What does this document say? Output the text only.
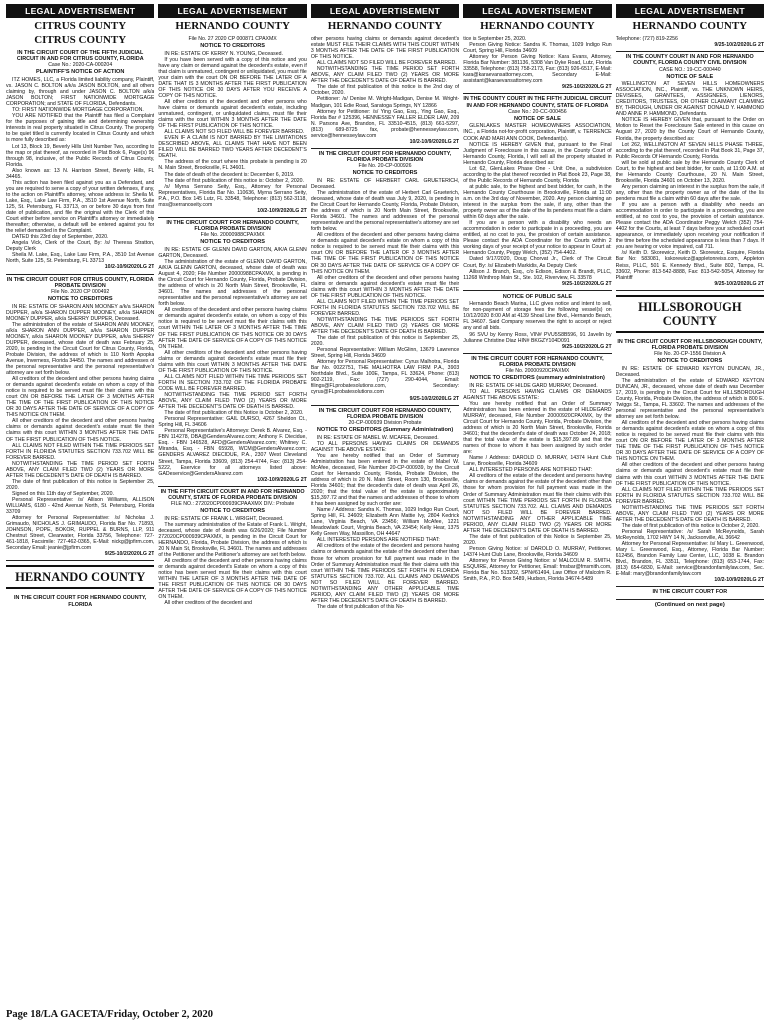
LEGAL ADVERTISEMENT
CITRUS COUNTY
CITRUS COUNTY
IN THE CIRCUIT COURT OF THE FIFTH JUDICIAL CIRCUIT IN AND FOR CITRUS COUNTY, FLORIDA
Case No.: 2020-CA-000204
PLAINTIFF'S NOTICE OF ACTION

ITZ HOMES, LLC, a Florida limited liability company, Plaintiff, vs. JASON C. BOLTON a/k/a JASON BOLTON, and all others claiming by, through and under JASON C. BOLTON a/k/a JASON BOLTON; FIRST NATIONWIDE MORTGAGE CORPORATION; and STATE OF FLORIDA, Defendants.

TO: FIRST NATIONWIDE MORTGAGE CORPORATION.

YOU ARE NOTIFIED that the Plaintiff has filed a Complaint for the purposes of gaining title and determining ownership interests in real property situated in Citrus County. The property to be quiet titled is currently located in Citrus County and which is more fully described as:

Lot 13, Block 19, Beverly Hills Unit Number Two, according to the map or plat thereof, as recorded in Plat Book 6, Page(s) 96 through 98, inclusive, of the Public Records of Citrus County, Florida.

Also known as: 13 N. Harrison Street, Beverly Hills, FL 34465.

This action has been filed against you as a Defendant, and you are required to serve a copy of your written defenses, if any, to the action on Plaintiff's attorney, whose address is: Sheila M. Lake, Esq., Lake Law Firm, P.A., 3510 1st Avenue North, Suite 125, St. Petersburg, FL 33713, on or before 30 days from first date of publication, and file the original with the Clerk of this Court either before service on Plaintiff's attorney or immediately thereafter; otherwise, a default will be entered against you for the relief demanded in the Complaint.

DATED this 23rd day of September, 2020.

Angela Vick, Clerk of the Court, By: /s/ Theresa Stratton, Deputy Clerk

Sheila M. Lake, Esq., Lake Law Firm, P.A., 3510 1st Avenue North, Suite 125, St. Petersburg, FL 33713

10/2-10/9/2020LG 2T
IN THE CIRCUIT COURT FOR CITRUS COUNTY, FLORIDA PROBATE DIVISION
File No. 2020 CP 000492
NOTICE TO CREDITORS

IN RE: ESTATE OF SHARON ANN MOONEY a/k/a SHARON DUPPER, a/k/a SHARON DUPPER MOONEY, a/k/a SHARON MOONEY DUPPER, a/k/a SHERRY DUPPER, Deceased.

The administration of the estate of SHARON ANN MOONEY, a/k/a SHARON ANN DUPPER, a/k/a SHARON DUPPER MOONEY, a/k/a SHARON MOONEY DUPPER, a/k/a SHERRY DUPPER, deceased, whose date of death was February 25, 2020, is pending in the Circuit Court for Citrus County, Florida, Probate Division, the address of which is 110 North Apopka Avenue, Inverness, Florida 34450. The names and addresses of the personal representative and the personal representative's attorney are set forth below.

All creditors of the decedent and other persons having claims or demands against decedent's estate on whom a copy of this notice is required to be served must file their claims with this court ON OR BEFORE THE LATER OF 3 MONTHS AFTER THE TIME OF THE FIRST PUBLICATION OF THIS NOTICE OR 30 DAYS AFTER THE DATE OF SERVICE OF A COPY OF THIS NOTICE ON THEM.

All other creditors of the decedent and other persons having claims or demands against decedent's estate must file their claims with this court WITHIN 3 MONTHS AFTER THE DATE OF THE FIRST PUBLICATION OF THIS NOTICE.

ALL CLAIMS NOT FILED WITHIN THE TIME PERIODS SET FORTH IN FLORIDA STATUTES SECTION 733.702 WILL BE FOREVER BARRED.

NOTWITHSTANDING THE TIME PERIOD SET FORTH ABOVE, ANY CLAIM FILED TWO (2) YEARS OR MORE AFTER THE DECEDENT'S DATE OF DEATH IS BARRED.

The date of first publication of this notice is September 25, 2020.

Signed on this 11th day of September, 2020.

Personal Representative: /s/ Allison Williams, ALLISON WILLIAMS, 6180 - 42nd Avenue North, St. Petersburg, Florida 33709

Attorney for Personal Representative: /s/ Nicholas J. Grimaudo, NICHOLAS J. GRIMAUDO, Florida Bar No. 71893, JOHNSON, POPE, BOKOR, RUPPEL & BURNS, LLP, 911 Chestnut Street, Clearwater, Florida 33756, Telephone: 727-461-1818, Facsimile: 727-462-0365, E-Mail: nickg@jpfirm.com, Secondary Email: jeanie@jpfirm.com

9/25-10/2/2020LG 2T
HERNANDO COUNTY
IN THE CIRCUIT COURT FOR HERNANDO COUNTY, FLORIDA
LEGAL ADVERTISEMENT
HERNANDO COUNTY
File No. 27 2020 CP 000871 CPAXMX
NOTICE TO CREDITORS

IN RE: ESTATE OF KERRY N. YOUNG, Deceased.

If you have been served with a copy of this notice and you have any claim or demand against the decedent's estate, even if that claim is unmatured, contingent or unliquidated, you must file your claim with the court ON OR BEFORE THE LATER OF A DATE THAT IS 3 MONTHS AFTER THE FIRST PUBLICATION OF THIS NOTICE OR 30 DAYS AFTER YOU RECEIVE A COPY OF THIS NOTICE.

All other creditors of the decedent and other persons who have claims or demands against decedent's estate, including unmatured, contingent, or unliquidated claims, must file their claims with the court WITHIN 3 MONTHS AFTER THE DATE OF THE FIRST PUBLICATION OF THIS NOTICE.

ALL CLAIMS NOT SO FILED WILL BE FOREVER BARRED.

EVEN IF A CLAIM IS NOT BARRED BY THE LIMITATIONS DESCRIBED ABOVE, ALL CLAIMS THAT HAVE NOT BEEN FILED WILL BE BARRED TWO YEARS AFTER DECEDENT'S DEATH.

The address of the court where this probate is pending is 20 N. Main Street, Brooksville, FL 34601.

The date of death of the decedent is: December 6, 2019.

The date of first publication of this notice is: October 2, 2020.

/s/ Myrna Serrano Seity, Esq., Attorney for Personal Representatives, Florida Bar No. 110636, Myrna Serrano Seity, P.A., P.O. Box 145 Lutz, FL 33548, Telephone: (813) 562-3118, mss@serranoseity.com

10/2-10/9/2020LG 2T
IN THE CIRCUIT COURT FOR HERNANDO COUNTY, FLORIDA PROBATE DIVISION
File No. 20000988CPAXMX
NOTICE TO CREDITORS

IN RE: ESTATE OF GLENN DAVID GARTON, A/K/A GLENN GARTON, Deceased.

The administration of the estate of GLENN DAVID GARTON, A/K/A GLENN GARTON, deceased, whose date of death was August 4, 2020; File Number 20000988CPAXMX, is pending in the Circuit Court for Hernando County, Florida, Probate Division, the address of which is 20 North Main Street, Brooksville, FL 34601. The names and addresses of the personal representative and the personal representative's attorney are set forth below.

All creditors of the decedent and other persons having claims or demands against decedent's estate, on whom a copy of this notice is required to be served must file their claims with this court WITHIN THE LATER OF 3 MONTHS AFTER THE TIME OF THE FIRST PUBLICATION OF THIS NOTICE OR 30 DAYS AFTER THE DATE OF SERVICE OF A COPY OF THIS NOTICE ON THEM.

All other creditors of the decedent and other persons having claims or demands against decedent's estate must file their claims with this court WITHIN 3 MONTHS AFTER THE DATE OF THE FIRST PUBLICATION OF THIS NOTICE.

ALL CLAIMS NOT FILED WITHIN THE TIME PERIODS SET FORTH IN SECTION 733.702 OF THE FLORIDA PROBATE CODE WILL BE FOREVER BARRED.

NOTWITHSTANDING THE TIME PERIOD SET FORTH ABOVE, ANY CLAIM FILED TWO (2) YEARS OR MORE AFTER THE DECEDENT'S DATE OF DEATH IS BARRED.

The date of first publication of this Notice is October 2, 2020.

Personal Representative: GAIL DURSO, 4267 Sheldon Ct., Spring Hill, FL 34606

Personal Representative's Attorneys: Derek B. Alvarez, Esq. - FBN 114278, DBA@GendersAlvarez.com; Anthony F. Diecidue, Esq. - FBN 146528, AFD@GendersAlvarez.com; Whitney C. Miranda, Esq. - FBN 65928, WCM@GendersAlvarez.com; GENDERS ALVAREZ DIECIDUE, P.A., 2307 West Cleveland Street, Tampa, Florida 33609, (813) 254-4744, Fax: (813) 254-5222, Eservice for all attorneys listed above: GADeservice@GendersAlvarez.com

10/2-10/9/2020LG 2T
IN THE FIFTH CIRCUIT COURT IN AND FOR HERNANDO COUNTY, STATE OF FLORIDA PROBATE DIVISION
FILE NO.: 272020CP000939CPAAXMX DIV.: Probate
NOTICE TO CREDITORS

IN RE: ESTATE OF FRANK L. WRIGHT, Deceased.

The summary administration of the Estate of Frank L. Wright, deceased, whose date of death was 6/26/2020; File Number 272020CP000939CPAXMX, is pending in the Circuit Court for HERNANDO, Florida, Probate Division, the address of which is 20 N Main St, Brooksville, FL 34601. The names and addresses of the Petitioner and the Petitioner's attorney are set forth below.

All creditors of the decedent and other persons having claims or demands against decedent's Estate on whom a copy of this notice has been served must file their claims with this court WITHIN THE LATER OF 3 MONTHS AFTER THE DATE OF THE FIRST PUBLICATION OF THIS NOTICE OR 30 DAYS AFTER THE DATE OF SERVICE OF A COPY OF THIS NOTICE ON THEM.

All other creditors of the decedent and

LEGAL ADVERTISEMENT
HERNANDO COUNTY

other persons having claims or demands against decedent's estate MUST FILE THEIR CLAIMS WITH THIS COURT WITHIN 3 MONTHS AFTER THE DATE OF THE FIRST PUBLICATION OF THIS NOTICE.

ALL CLAIMS NOT SO FILED WILL BE FOREVER BARRED.

NOTWITHSTANDING THE TIME PERIOD SET FORTH ABOVE, ANY CLAIM FILED TWO (2) YEARS OR MORE AFTER THE DECEDENT'S DATE OF DEATH IS BARRED.

The date of first publication of this notice is the 2nd day of October, 2020.

Petitioner: /s/ Denise M. Wright-Madigan, Denise M. Wright-Madigan, 101 Edie Road, Saratoga Springs, NY 12866

Attorney for Petitioner: /s/ Ying Gao, Esq., Ying Gao, Esq., Florida Bar # 125396, HENNESSEY FALLER ELDER LAW, 209 N. Parsons Ave, Brandon, FL 33510-4515, (813) 661-5297, (813) 689-8725 fax, probate@hennesseylaw.com, service@hennesseylaw.com

10/2-10/9/2020LG 2T
IN THE CIRCUIT COURT FOR HERNANDO COUNTY, FLORIDA PROBATE DIVISION
File No. 20-CP-000926
NOTICE TO CREDITORS

IN RE: ESTATE OF HERBERT CARL GRUETERICH, Deceased.

The administration of the estate of Herbert Carl Grueterich, deceased, whose date of death was July 9, 2020, is pending in the Circuit Court for Hernando County, Florida, Probate Division, the address of which is 20 North Main Street, Brooksville, Florida 34601. The names and addresses of the personal representative and the personal representative's attorney are set forth below.

All creditors of the decedent and other persons having claims or demands against decedent's estate on whom a copy of this notice is required to be served must file their claims with this court ON OR BEFORE THE LATER OF 3 MONTHS AFTER THE TIME OF THE FIRST PUBLICATION OF THIS NOTICE OR 30 DAYS AFTER THE DATE OF SERVICE OF A COPY OF THIS NOTICE ON THEM.

All other creditors of the decedent and other persons having claims or demands against decedent's estate must file their claims with this court WITHIN 3 MONTHS AFTER THE DATE OF THE FIRST PUBLICATION OF THIS NOTICE.

ALL CLAIMS NOT FILED WITHIN THE TIME PERIODS SET FORTH IN FLORIDA STATUTES SECTION 733.702 WILL BE FOREVER BARRED.

NOTWITHSTANDING THE TIME PERIODS SET FORTH ABOVE, ANY CLAIM FILED TWO (2) YEARS OR MORE AFTER THE DECEDENT'S DATE OF DEATH IS BARRED.

The date of first publication of this notice is September 25, 2020.

Personal Representative: William McGlinn, 13679 Lawrence Street, Spring Hill, Florida 34609

Attorney for Personal Representative: Cyrus Malhotra, Florida Bar No. 0022751, THE MALHOTRA LAW FIRM P.A., 3903 Northdale Blvd., Suite 100E, Tampa, FL 33624, Phone: (813) 902-2119, Fax: (727) 290-4044, Email: filings@FLprobatesolutions.com, Secondary: cyrus@FLprobatesolutions.com

9/25-10/2/2020LG 2T
IN THE CIRCUIT COURT FOR HERNANDO COUNTY, FLORIDA PROBATE DIVISION
20-CP-000939 Division Probate
NOTICE TO CREDITORS (Summary Administration)

IN RE: ESTATE OF MABEL W. MCAFEE, Deceased.

TO ALL PERSONS HAVING CLAIMS OR DEMANDS AGAINST THE ABOVE ESTATE:

You are hereby notified that an Order of Summary Administration has been entered in the estate of Mabel W. McAfee, deceased, File Number 20-CP-000939, by the Circuit Court for Hernando County, Florida, Probate Division, the address of which is 20 N. Main Street, Room 130, Brooksville, Florida 34601; that the decedent's date of death was April 26, 2020; that the total value of the estate is approximately $15,397.72 and that the names and addresses of those to whom it has been assigned by such order are:

Name / Address: Sandra K. Thomas, 1029 Indigo Run Court, Spring Hill, FL 34609; Elizabeth Ann Mattie Ivy, 2804 Kedrick Lane, Virginia Beach, VA 23456; William McAfee, 1221 Meadowlark Court, Virginia Beach, VA 23454; Kelly Hear, 1375 Kelly Green Way, Massillon, OH 44647

ALL INTERESTED PERSONS ARE NOTIFIED THAT:

All creditors of the estate of the decedent and persons having claims or demands against the estate of the decedent other than those for whom provision for full payment was made in the Order of Summary Administration must file their claims with this court WITHIN THE TIME PERIODS SET FORTH IN FLORIDA STATUTES SECTION 733.702. ALL CLAIMS AND DEMANDS NOT SO FILED WILL BE FOREVER BARRED. NOTWITHSTANDING ANY OTHER APPLICABLE TIME PERIOD, ANY CLAIM FILED TWO (2) YEARS OR MORE AFTER THE DECEDENT'S DATE OF DEATH IS BARRED.

The date of first publication of this No-

LEGAL ADVERTISEMENT
HERNANDO COUNTY

tice is September 25, 2020.

Person Giving Notice: Sandra K. Thomas, 1029 Indigo Run Court, Spring Hill, Florida 34609

Attorney for Person Giving Notice: Kara Evans, Attorney, Florida Bar Number: 381136, 5308 Van Dyke Road, Lutz, Florida 33558, Telephone: (813) 758-2173, Fax: (813) 926-6517, E-Mail: kara@karaevansattorney.com, Secondary E-Mail: assistant@karaevansattorney.com

9/25-10/2/2020LG 2T
IN THE COUNTY COURT IN THE FIFTH JUDICIAL CIRCUIT IN AND FOR HERNANDO COUNTY, STATE OF FLORIDA
Case No.: 20-CC-000456
NOTICE OF SALE

GLENLAKES MASTER HOMEOWNERS ASSOCIATION, INC., a Florida not-for-profit corporation, Plaintiff, v. TERRENCE COOK AND MARI ANN COOK, Defendant(s).

NOTICE IS HEREBY GIVEN that, pursuant to the Final Judgment of Foreclosure in this cause, in the County Court of Hernando County, Florida, I will sell all the property situated in Hernando County, Florida described as:

Lot 62, GlenLakes Phase One - Unit One, a subdivision according to the plat thereof recorded in Plat Book 23, Page 38, of the Public Records of Hernando County, Florida

at public sale, to the highest and best bidder, for cash, in the Hernando County Courthouse in Brooksville, Florida at 11:00 a.m. on the 3rd day of November, 2020. Any person claiming an interest in the surplus from the sale, if any, other than the property owner as of the date of the lis pendens must file a claim within 60 days after the sale.

If you are a person with a disability who needs an accommodation in order to participate in a proceeding, you are entitled, at no cost to you, the provision of certain assistance. Please contact the ADA Coordinator for the Courts within 2 working days of your receipt of your notice to appear in Court at: Hernando County, Peggy Welch, (352) 754-4402.

Dated 9/17/2020, Doug Chorvat Jr., Clerk of The Circuit Court, By: /s/ Elizabeth Markidis, As Deputy Clerk

Allison J. Branch, Esq., c/o Edison, Edison & Brandt, PLLC, 11268 Winthrop Main St., Ste. 102, Riverview, FL 33578

9/25-10/2/2020LG 2T
NOTICE OF PUBLIC SALE

Hernando Beach Marina, LLC gives notice and intent to sell, for non-payment of storage fees the following vessel(s) on 10/12/2020 8:00 AM at 4139 Shoal Line Blvd., Hernando Beach, FL 34607. Said Company reserves the right to accept or reject any and all bids.

96 SVU by Kenny Ross, VIN# PVU5S8B596, 91 Javelin by Julianne Christine Diaz HIN# BKGZY104D091

9/25-10/2/2020LG 2T
IN THE CIRCUIT COURT FOR HERNANDO COUNTY, FLORIDA PROBATE DIVISION
File No. 20000920CPAXMX
NOTICE TO CREDITORS (summary administration)

IN RE: ESTATE OF HILDE GARD MURRAY, Deceased.

TO ALL PERSONS HAVING CLAIMS OR DEMANDS AGAINST THE ABOVE ESTATE:

You are hereby notified that an Order of Summary Administration has been entered in the estate of HILDEGARD MURRAY, deceased, File Number 20000920CPAXMX, by the Circuit Court for Hernando County, Florida, Probate Division, the address of which is 20 North Main Street, Brooksville, Florida 34601; that the decedent's date of death was October 24, 2018; that the total value of the estate is $15,397.89 and that the names of those to whom it has been assigned by such order are:

Name / Address: DAROLD O. MURRAY, 14374 Hunt Club Lane, Brooksville, Florida 34609

ALL INTERESTED PERSONS ARE NOTIFIED THAT:

All creditors of the estate of the decedent and persons having claims or demands against the estate of the decedent other than those for whom provision for full payment was made in the Order of Summary Administration must file their claims with this court WITHIN THE TIME PERIODS SET FORTH IN FLORIDA STATUTES SECTION 733.702. ALL CLAIMS AND DEMANDS NOT SO FILED WILL BE FOREVER BARRED. NOTWITHSTANDING ANY OTHER APPLICABLE TIME PERIOD, ANY CLAIM FILED TWO (2) YEARS OR MORE AFTER THE DECEDENT'S DATE OF DEATH IS BARRED.

The date of first publication of this Notice is September 25, 2020.

Person Giving Notice: s/ DAROLD O. MURRAY, Petitioner, 14374 Hunt Club Lane, Brooksville, Florida 34609

Attorney for Person Giving Notice: s/ MALCOLM R. SMITH, ESQUIRE, Attorney for Petitioner, Email: fmsbar@fmsmith.com, Florida Bar No. 513202, SPN#61494, Law Office of Malcolm R. Smith, P.A., P.O. Box 5489, Hudson, Florida 34674-5489

LEGAL ADVERTISEMENT
HERNANDO COUNTY

Telephone: (727) 819-2256

9/25-10/2/2020LG 2T
IN THE COUNTY COURT IN AND FOR HERNANDO COUNTY, FLORIDA COUNTY CIVIL DIVISION
CASE NO.: 19-CC-000440
NOTICE OF SALE

WELLINGTON AT SEVEN HILLS HOMEOWNERS ASSOCIATION, INC., Plaintiff, vs. THE UNKNOWN HEIRS, DEVISEES, GRANTEES, ASSIGNEES, LIENORS, CREDITORS, TRUSTEES, OR OTHER CLAIMANT CLAIMING BY, THROUGH, UNDER OR AGAINST DONALD Y. HAMMOND AND ANNE P. HAMMOND, Defendants.

NOTICE IS HEREBY GIVEN that, pursuant to the Order on Motion to Reset the Foreclosure Sale entered in this cause on August 27, 2020 by the County Court of Hernando County, Florida, the property described as:

Lot 262, WELLINGTON AT SEVEN HILLS PHASE THREE, according to the plat thereof, recorded in Plat Book 31, Page 37, Public Records Of Hernando County, Florida.

will be sold at public sale by the Hernando County Clerk of Court, to the highest and best bidder, for cash, at 11:00 A.M. at the Hernando County Courthouse, 20 N. Main Street, Brooksville, Florida 34601 on October 13, 2020.

Any person claiming an interest in the surplus from the sale, if any, other than the property owner as of the date of the lis pendens must file a claim within 60 days after the sale.

If you are a person with a disability who needs an accommodation in order to participate in a proceeding, you are entitled, at no cost to you, the provision of certain assistance. Please contact the ADA Coordinator Peggy Welch (352) 754-4402 for the Courts, at least 7 days before your scheduled court appearance, or immediately upon receiving your notification if the time before the scheduled appearance is less than 7 days. If you are hearing or voice impaired, call 711.

/s/ Keith D. Skorewicz, Keith D. Skorewicz, Esquire, Florida Bar No: 583081, kskorewicz@appletonreiss.com, Appleton Reiss, PLLC, 501 E. Kennedy Blvd., Suite 802, Tampa, FL 33602, Phone: 813-542-8888, Fax: 813-542-5054, Attorney for Plaintiff

9/25-10/2/2020LG 2T
HILLSBOROUGH COUNTY
IN THE CIRCUIT COURT FOR HILLSBOROUGH COUNTY, FLORIDA PROBATE DIVISION
File No. 20-CP-1556 Division A
NOTICE TO CREDITORS

IN RE: ESTATE OF EDWARD KEYTON DUNCAN, JR., Deceased.

The administration of the estate of EDWARD KEYTON DUNCAN, JR., deceased, whose date of death was December 17, 2019, is pending in the Circuit Court for HILLSBOROUGH County, Florida, Probate Division, the address of which is 800 E. Twiggs St., Tampa, FL 33602. The names and addresses of the personal representative and the personal representative's attorney are set forth below.

All creditors of the decedent and other persons having claims or demands against decedent's estate on whom a copy of this notice is required to be served must file their claims with this court ON OR BEFORE THE LATER OF 3 MONTHS AFTER THE TIME OF THE FIRST PUBLICATION OF THIS NOTICE OR 30 DAYS AFTER THE DATE OF SERVICE OF A COPY OF THIS NOTICE ON THEM.

All other creditors of the decedent and other persons having claims or demands against decedent's estate must file their claims with this court WITHIN 3 MONTHS AFTER THE DATE OF THE FIRST PUBLICATION OF THIS NOTICE.

ALL CLAIMS NOT FILED WITHIN THE TIME PERIODS SET FORTH IN FLORIDA STATUTES SECTION 733.702 WILL BE FOREVER BARRED.

NOTWITHSTANDING THE TIME PERIODS SET FORTH ABOVE, ANY CLAIM FILED TWO (2) YEARS OR MORE AFTER THE DECEDENT'S DATE OF DEATH IS BARRED.

The date of first publication of this notice is October 2, 2020.

Personal Representative: /s/ Sarah McReynolds, Sarah McReynolds, 1702 HWY 14 N, Jacksonville, AL 36642

Attorney for Personal Representative: /s/ Mary L. Greenwood, Mary L. Greenwood, Esq., Attorney, Florida Bar Number: 612456, Brandon Family Law Center, LLC, 1038 E. Brandon Blvd., Brandon, FL 33511, Telephone: (813) 653-1744, Fax: (813) 654-6830, E-Mail: service@brandonfamilylaw.com, Sec. E-Mail: mary@brandonfamilylaw.com

10/2-10/9/2020LG 2T
IN THE CIRCUIT COURT FOR
(Continued on next page)
Page 18/LA GACETA/Friday, October 2, 2020
